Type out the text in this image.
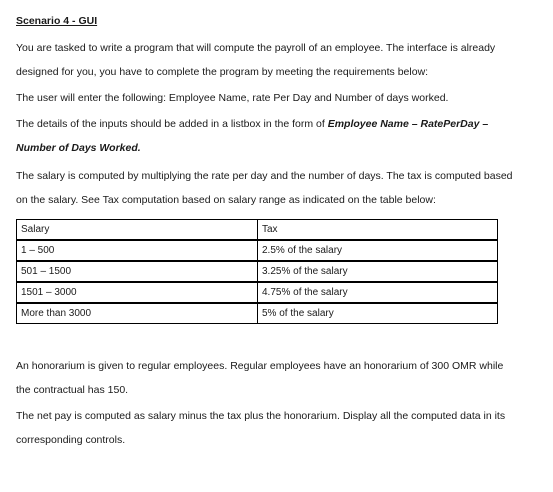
Scenario 4 - GUI

You are tasked to write a program that will compute the payroll of an employee. The interface is already

designed for you, you have to complete the program by meeting the requirements below:

The user will enter the following: Employee Name, rate Per Day and Number of days worked.

The details of the inputs should be added in a listbox in the form of Employee Name – RatePerDay –

Number of Days Worked.

The salary is computed by multiplying the rate per day and the number of days. The tax is computed based

on the salary. See Tax computation based on salary range as indicated on the table below:

Salary	Tax
1 – 500	2.5% of the salary
501 – 1500	3.25% of the salary
1501 – 3000	4.75% of the salary
More than 3000	5% of the salary

An honorarium is given to regular employees. Regular employees have an honorarium of 300 OMR while

the contractual has 150.

The net pay is computed as salary minus the tax plus the honorarium. Display all the computed data in its

corresponding controls.
